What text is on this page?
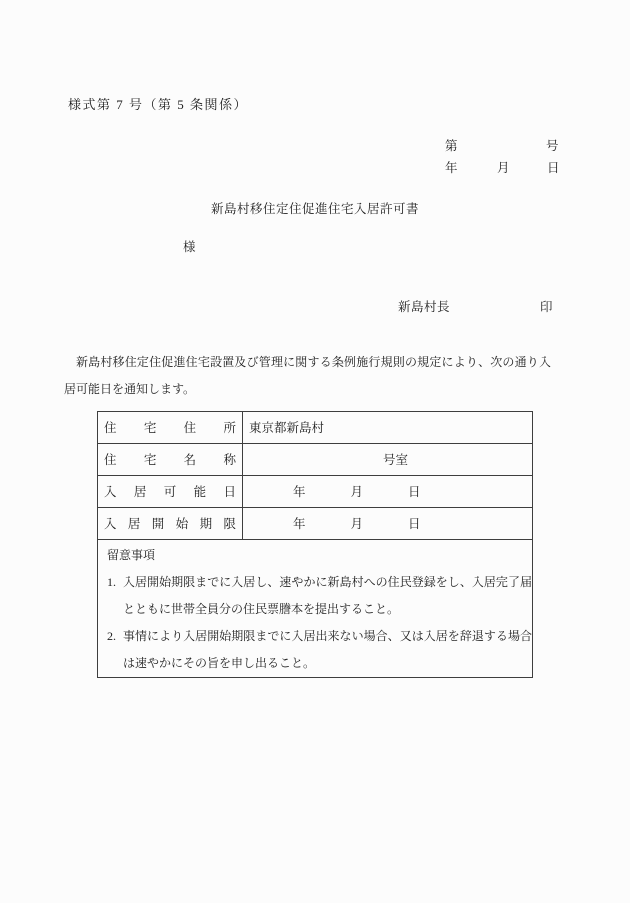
様式第 7 号（第 5 条関係）
第	号
年	月	日
新島村移住定住促進住宅入居許可書
様
新島村長	印
新島村移住定住促進住宅設置及び管理に関する条例施行規則の規定により、次の通り入居可能日を通知します。
住宅住所	東京都新島村
住宅名称	号室
入居可能日	年	月	日
入居開始期限	年	月	日
留意事項
1. 入居開始期限までに入居し、速やかに新島村への住民登録をし、入居完了届とともに世帯全員分の住民票謄本を提出すること。
2. 事情により入居開始期限までに入居出来ない場合、又は入居を辞退する場合は速やかにその旨を申し出ること。
